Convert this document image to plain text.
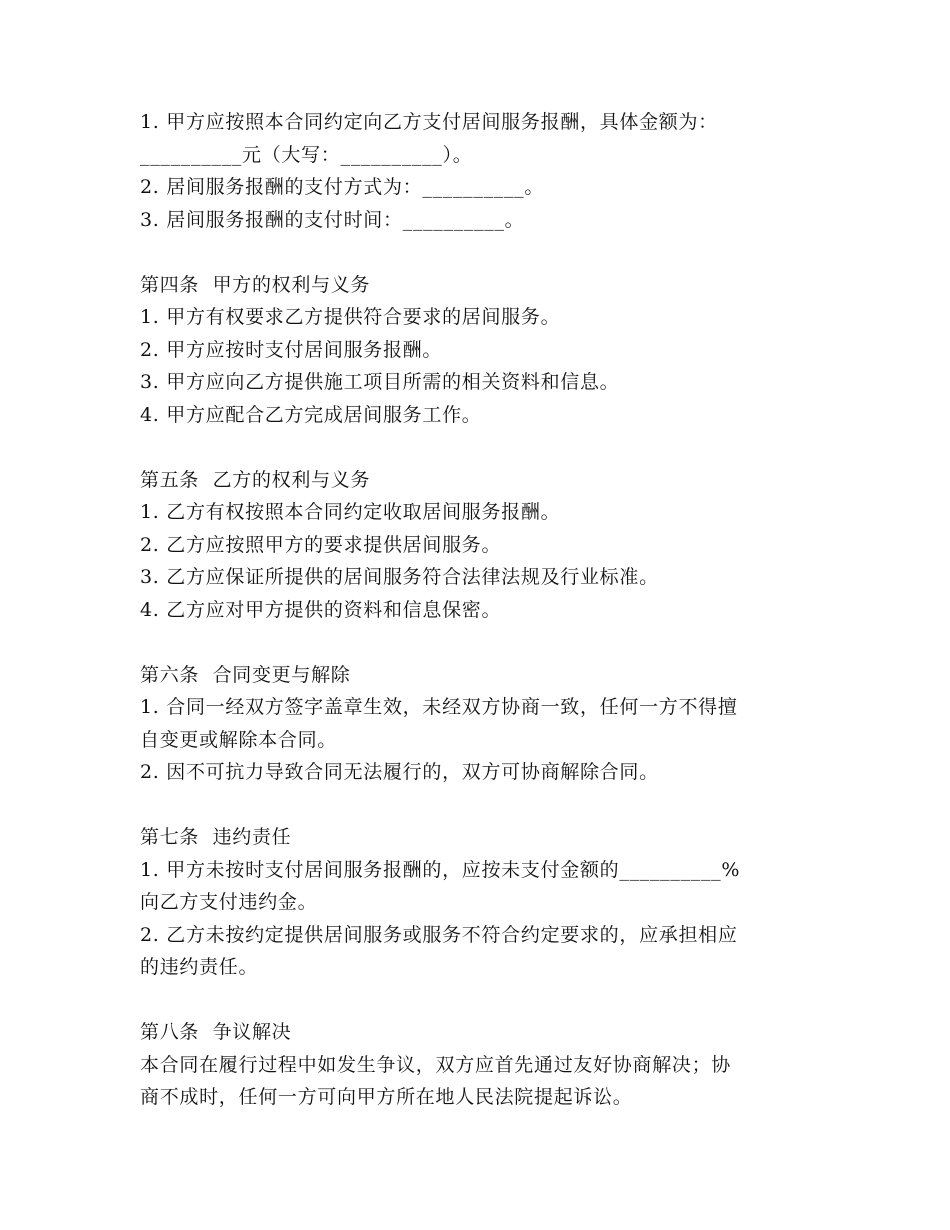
1. 甲方应按照本合同约定向乙方支付居间服务报酬，具体金额为：
__________元（大写：__________）。
2. 居间服务报酬的支付方式为：__________。
3. 居间服务报酬的支付时间：__________。
第四条  甲方的权利与义务
1. 甲方有权要求乙方提供符合要求的居间服务。
2. 甲方应按时支付居间服务报酬。
3. 甲方应向乙方提供施工项目所需的相关资料和信息。
4. 甲方应配合乙方完成居间服务工作。
第五条  乙方的权利与义务
1. 乙方有权按照本合同约定收取居间服务报酬。
2. 乙方应按照甲方的要求提供居间服务。
3. 乙方应保证所提供的居间服务符合法律法规及行业标准。
4. 乙方应对甲方提供的资料和信息保密。
第六条  合同变更与解除
1. 合同一经双方签字盖章生效，未经双方协商一致，任何一方不得擅
自变更或解除本合同。
2. 因不可抗力导致合同无法履行的，双方可协商解除合同。
第七条  违约责任
1. 甲方未按时支付居间服务报酬的，应按未支付金额的__________%
向乙方支付违约金。
2. 乙方未按约定提供居间服务或服务不符合约定要求的，应承担相应
的违约责任。
第八条  争议解决
本合同在履行过程中如发生争议，双方应首先通过友好协商解决；协
商不成时，任何一方可向甲方所在地人民法院提起诉讼。
